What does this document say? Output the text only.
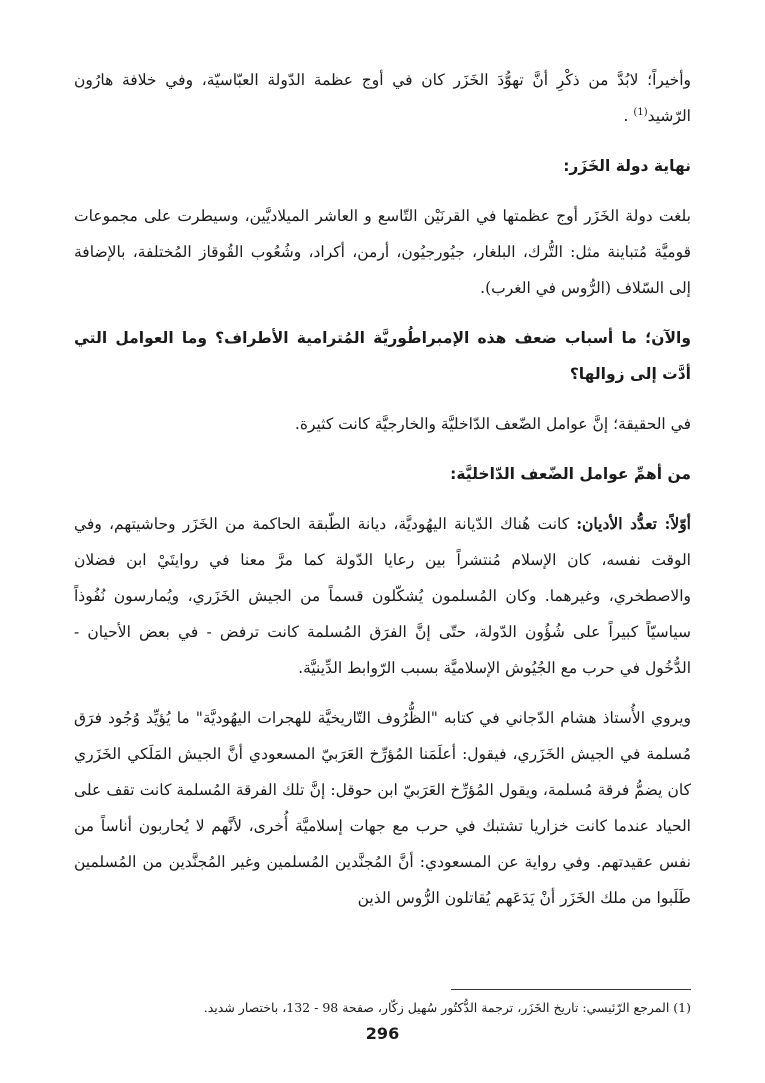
وأخيراً؛ لابُدَّ من ذكْرِ أنَّ تهوُّدَ الخَزَر كان في أوج عظمة الدّولة العبّاسيّة، وفي خلافة هارُون الرّشيد$^{(1)}$ .

نهاية دولة الخَزَر:

بلغت دولة الخَزَر أوج عظمتها في القرنَيْن التّاسع و العاشر الميلاديَّين، وسيطرت على مجموعات قوميَّة مُتباينة مثل: التُّرك، البلغار، جيُورجيُون، أرمن، أكراد، وشُعُوب القُوقاز المُختلفة، بالإضافة إلى السّلاف (الرُّوس في الغرب).

والآن؛ ما أسباب ضعف هذه الإمبراطُوريَّة المُترامية الأطراف؟ وما العوامل التي أدَّت إلى زوالها؟

في الحقيقة؛ إنَّ عوامل الضّعف الدّاخليَّة والخارجيَّة كانت كثيرة.

من أهمِّ عوامل الضّعف الدّاخليَّة:

أوّلاً: تعدُّد الأديان: كانت هُناك الدّيانة اليهُوديَّة، ديانة الطّبقة الحاكمة من الخَزَر وحاشيتهم، وفي الوقت نفسه، كان الإسلام مُنتشراً بين رعايا الدّولة كما مرَّ معنا في روايتَيْ ابن فضلان والاصطخري، وغيرهما. وكان المُسلمون يُشكّلون قسماً من الجيش الخَزَري، ويُمارسون نُفُوذاً سياسيّاً كبيراً على شُؤُون الدّولة، حتّى إنَّ الفرَق المُسلمة كانت ترفض - في بعض الأحيان - الدُّخُول في حرب مع الجُيُوش الإسلاميَّة بسبب الرّوابط الدِّينيَّة.

ويروي الأُستاذ هشام الدّجاني في كتابه "الظُّرُوف التّاريخيَّة للهجرات اليهُوديَّة" ما يُؤيِّد وُجُود فرَق مُسلمة في الجيش الخَزَري، فيقول: أعلَمَنا المُؤرِّخ العَرَبيّ المسعودي أنَّ الجيش المَلَكي الخَزَري كان يضمُّ فرقة مُسلمة، ويقول المُؤرِّخ العَرَبيّ ابن حوقل: إنَّ تلك الفرقة المُسلمة كانت تقف على الحياد عندما كانت خزاريا تشتبك في حرب مع جهات إسلاميَّة أُخرى، لأنَّهم لا يُحاربون أناساً من نفس عقيدتهم. وفي رواية عن المسعودي: أنَّ المُجنَّدين المُسلمين وغير المُجنَّدين من المُسلمين طَلَبوا من ملك الخَزَر أنْ يَدَعَهم يُقاتلون الرُّوس الذين

(1) المرجع الرّئيسي: تاريخ الخَزَر، ترجمة الدُّكتُور سُهيل زكّار، صفحة 98 - 132، باختصار شديد.
296
